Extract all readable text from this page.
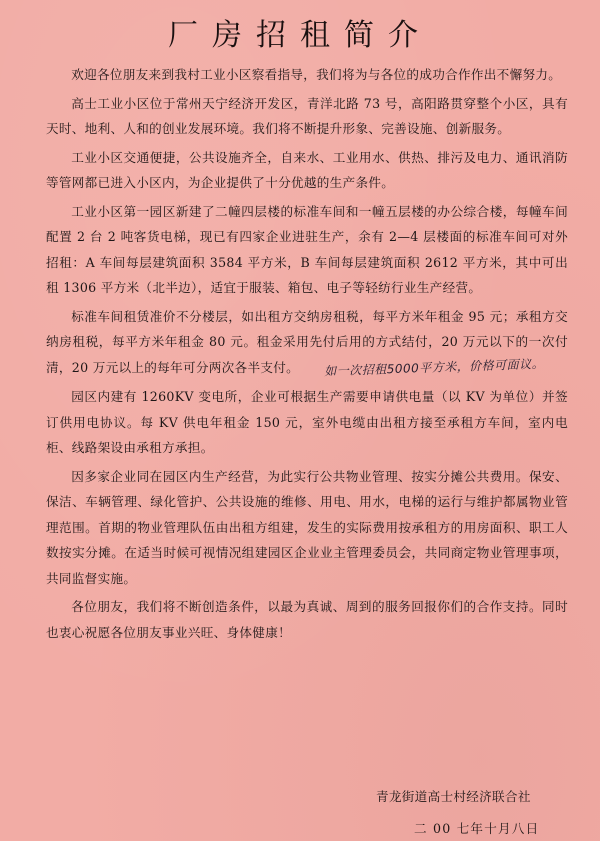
厂房招租简介

欢迎各位朋友来到我村工业小区察看指导，我们将为与各位的成功合作作出不懈努力。

高士工业小区位于常州天宁经济开发区，青洋北路 73 号，高阳路贯穿整个小区，具有天时、地利、人和的创业发展环境。我们将不断提升形象、完善设施、创新服务。

工业小区交通便捷，公共设施齐全，自来水、工业用水、供热、排污及电力、通讯消防等管网都已进入小区内，为企业提供了十分优越的生产条件。

工业小区第一园区新建了二幢四层楼的标准车间和一幢五层楼的办公综合楼，每幢车间配置 2 台 2 吨客货电梯，现已有四家企业进驻生产，余有 2—4 层楼面的标准车间可对外招租：A 车间每层建筑面积 3584 平方米，B 车间每层建筑面积 2612 平方米，其中可出租 1306 平方米（北半边），适宜于服装、箱包、电子等轻纺行业生产经营。

标准车间租赁准价不分楼层，如出租方交纳房租税，每平方米年租金 95 元；承租方交纳房租税，每平方米年租金 80 元。租金采用先付后用的方式结付，20 万元以下的一次付清，20 万元以上的每年可分两次各半支付。 如一次招租5000平方米，价格可面议。

园区内建有 1260KV 变电所，企业可根据生产需要申请供电量（以 KV 为单位）并签订供用电协议。每 KV 供电年租金 150 元，室外电缆由出租方接至承租方车间，室内电柜、线路架设由承租方承担。

因多家企业同在园区内生产经营，为此实行公共物业管理、按实分摊公共费用。保安、保洁、车辆管理、绿化管护、公共设施的维修、用电、用水，电梯的运行与维护都属物业管理范围。首期的物业管理队伍由出租方组建，发生的实际费用按承租方的用房面积、职工人数按实分摊。在适当时候可视情况组建园区企业业主管理委员会，共同商定物业管理事项，共同监督实施。

各位朋友，我们将不断创造条件，以最为真诚、周到的服务回报你们的合作支持。同时也衷心祝愿各位朋友事业兴旺、身体健康！

青龙街道高士村经济联合社
二 00 七年十月八日
